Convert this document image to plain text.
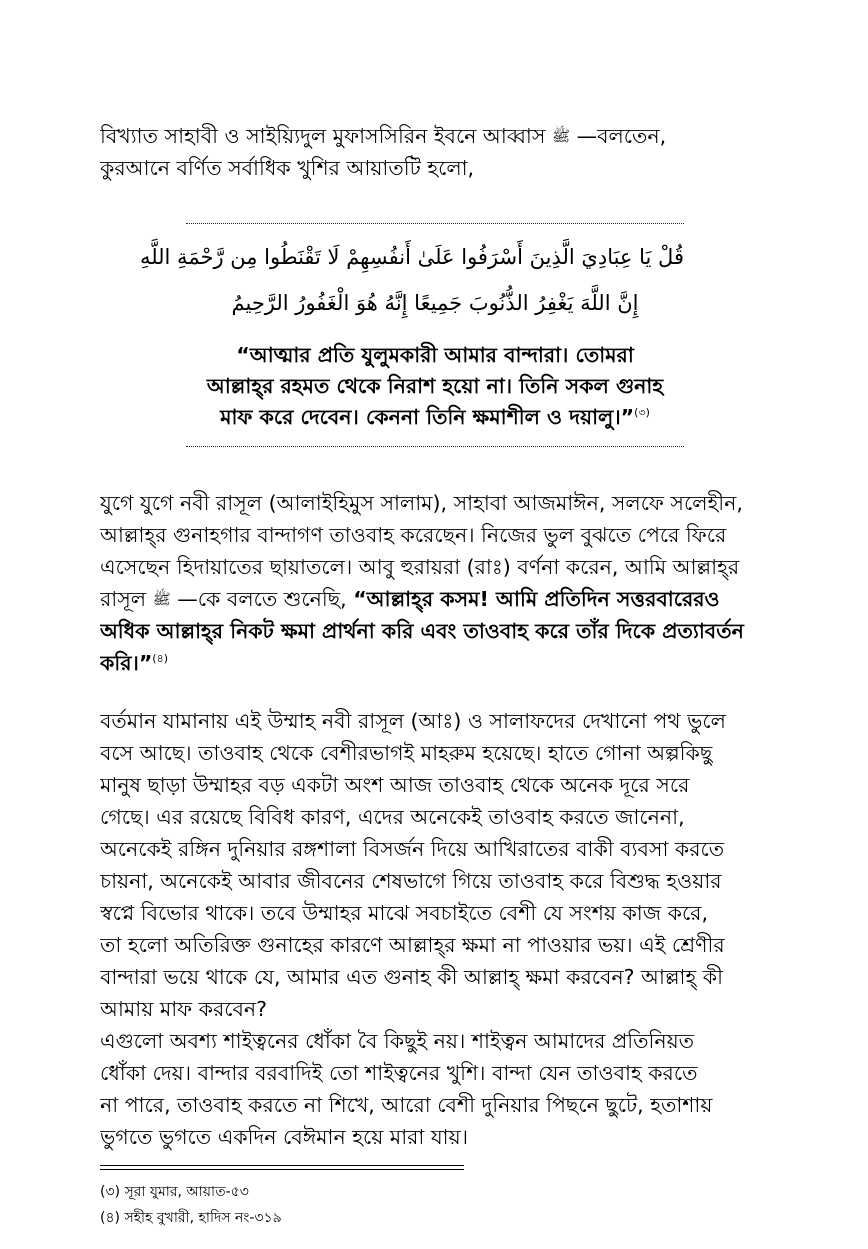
বিখ্যাত সাহাবী ও সাইয়্যিদুল মুফাসসিরিন ইবনে আব্বাস ﷺ —বলতেন,
কুরআনে বর্ণিত সর্বাধিক খুশির আয়াতটি হলো,
قُلْ يَا عِبَادِيَ الَّذِينَ أَسْرَفُوا عَلَىٰ أَنفُسِهِمْ لَا تَقْنَطُوا مِن رَّحْمَةِ اللَّهِ
إِنَّ اللَّهَ يَغْفِرُ الذُّنُوبَ جَمِيعًا إِنَّهُ هُوَ الْغَفُورُ الرَّحِيمُ
“আত্মার প্রতি যুলুমকারী আমার বান্দারা। তোমরা
আল্লাহ্‌র রহমত থেকে নিরাশ হয়ো না। তিনি সকল গুনাহ
মাফ করে দেবেন। কেননা তিনি ক্ষমাশীল ও দয়ালু।”$^{(৩)}$
যুগে যুগে নবী রাসূল (আলাইহিমুস সালাম), সাহাবা আজমাঈন, সলফে সলেহীন,
আল্লাহ্‌র গুনাহগার বান্দাগণ তাওবাহ করেছেন। নিজের ভুল বুঝতে পেরে ফিরে
এসেছেন হিদায়াতের ছায়াতলে। আবু হুরায়রা (রাঃ) বর্ণনা করেন, আমি আল্লাহ্‌র
রাসূল ﷺ —কে বলতে শুনেছি, “আল্লাহ্‌র কসম! আমি প্রতিদিন সত্তরবারেরও
অধিক আল্লাহ্‌র নিকট ক্ষমা প্রার্থনা করি এবং তাওবাহ করে তাঁর দিকে প্রত্যাবর্তন
করি।”$^{(৪)}$
বর্তমান যামানায় এই উম্মাহ নবী রাসূল (আঃ) ও সালাফদের দেখানো পথ ভুলে
বসে আছে। তাওবাহ থেকে বেশীরভাগই মাহরুম হয়েছে। হাতে গোনা অল্পকিছু
মানুষ ছাড়া উম্মাহর বড় একটা অংশ আজ তাওবাহ থেকে অনেক দূরে সরে
গেছে। এর রয়েছে বিবিধ কারণ, এদের অনেকেই তাওবাহ করতে জানেনা,
অনেকেই রঙ্গিন দুনিয়ার রঙ্গশালা বিসর্জন দিয়ে আখিরাতের বাকী ব্যবসা করতে
চায়না, অনেকেই আবার জীবনের শেষভাগে গিয়ে তাওবাহ করে বিশুদ্ধ হওয়ার
স্বপ্নে বিভোর থাকে। তবে উম্মাহর মাঝে সবচাইতে বেশী যে সংশয় কাজ করে,
তা হলো অতিরিক্ত গুনাহের কারণে আল্লাহ্‌র ক্ষমা না পাওয়ার ভয়। এই শ্রেণীর
বান্দারা ভয়ে থাকে যে, আমার এত গুনাহ কী আল্লাহ্‌ ক্ষমা করবেন? আল্লাহ্‌ কী
আমায় মাফ করবেন?
এগুলো অবশ্য শাইত্বনের ধোঁকা বৈ কিছুই নয়। শাইত্বন আমাদের প্রতিনিয়ত
ধোঁকা দেয়। বান্দার বরবাদিই তো শাইত্বনের খুশি। বান্দা যেন তাওবাহ করতে
না পারে, তাওবাহ করতে না শিখে, আরো বেশী দুনিয়ার পিছনে ছুটে, হতাশায়
ভুগতে ভুগতে একদিন বেঈমান হয়ে মারা যায়।

(৩) সূরা যুমার, আয়াত-৫৩

(৪) সহীহ বুখারী, হাদিস নং-৩১৯
